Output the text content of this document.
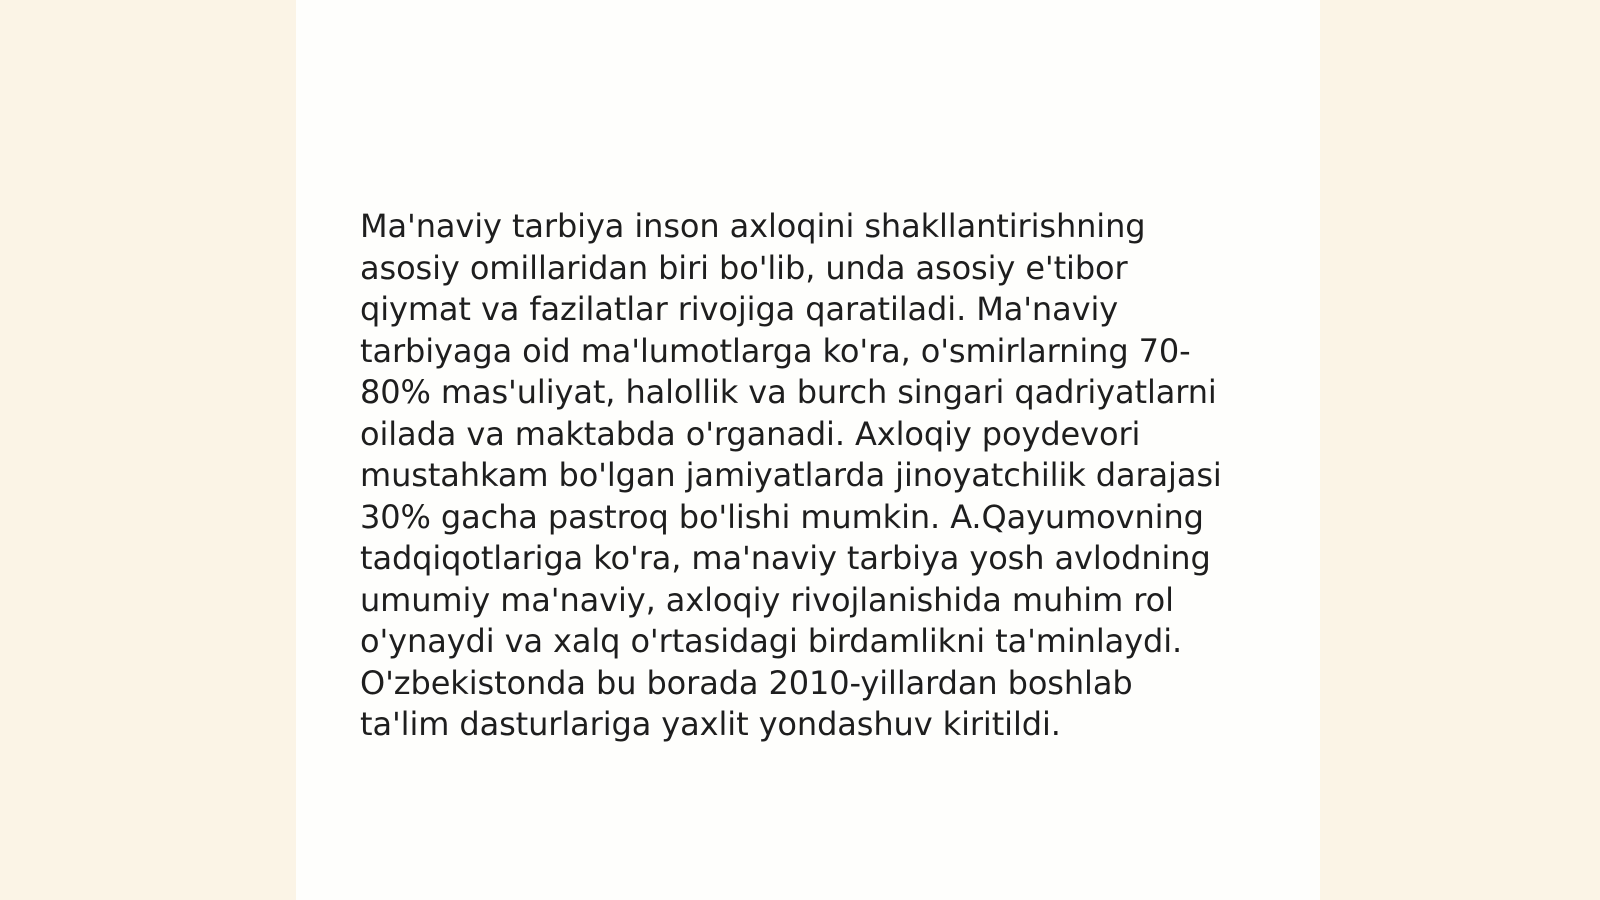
Ma'naviy tarbiya inson axloqini shakllantirishning
asosiy omillaridan biri bo'lib, unda asosiy e'tibor
qiymat va fazilatlar rivojiga qaratiladi. Ma'naviy
tarbiyaga oid ma'lumotlarga ko'ra, o'smirlarning 70-
80% mas'uliyat, halollik va burch singari qadriyatlarni
oilada va maktabda o'rganadi. Axloqiy poydevori
mustahkam bo'lgan jamiyatlarda jinoyatchilik darajasi
30% gacha pastroq bo'lishi mumkin. A.Qayumovning
tadqiqotlariga ko'ra, ma'naviy tarbiya yosh avlodning
umumiy ma'naviy, axloqiy rivojlanishida muhim rol
o'ynaydi va xalq o'rtasidagi birdamlikni ta'minlaydi.
O'zbekistonda bu borada 2010-yillardan boshlab
ta'lim dasturlariga yaxlit yondashuv kiritildi.
